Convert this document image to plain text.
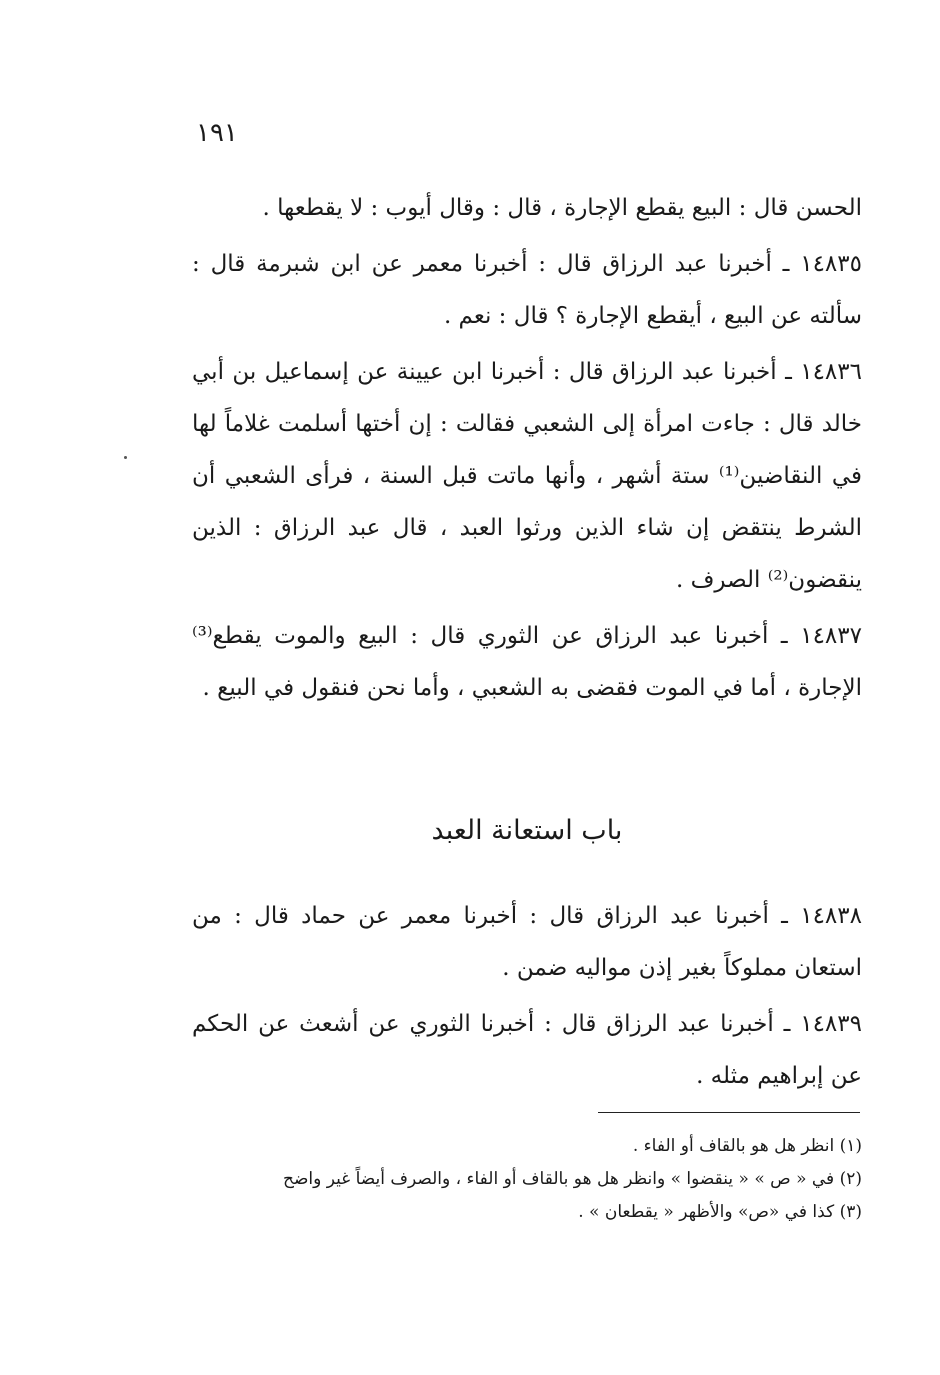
١٩١

الحسن قال : البيع يقطع الإجارة ، قال : وقال أيوب : لا يقطعها .

١٤٨٣٥ ـ أخبرنا عبد الرزاق قال : أخبرنا معمر عن ابن شبرمة قال : سألته عن البيع ، أيقطع الإجارة ؟ قال : نعم .

١٤٨٣٦ ـ أخبرنا عبد الرزاق قال : أخبرنا ابن عيينة عن إسماعيل بن أبي خالد قال : جاءت امرأة إلى الشعبي فقالت : إن أختها أسلمت غلاماً لها في النقاضين⁽¹⁾ ستة أشهر ، وأنها ماتت قبل السنة ، فرأى الشعبي أن الشرط ينتقض إن شاء الذين ورثوا العبد ، قال عبد الرزاق : الذين ينقضون⁽²⁾ الصرف .

١٤٨٣٧ ـ أخبرنا عبد الرزاق عن الثوري قال : البيع والموت يقطع⁽³⁾ الإجارة ، أما في الموت فقضى به الشعبي ، وأما نحن فنقول في البيع .

باب استعانة العبد

١٤٨٣٨ ـ أخبرنا عبد الرزاق قال : أخبرنا معمر عن حماد قال : من استعان مملوكاً بغير إذن مواليه ضمن .

١٤٨٣٩ ـ أخبرنا عبد الرزاق قال : أخبرنا الثوري عن أشعث عن الحكم عن إبراهيم مثله .

(١) انظر هل هو بالقاف أو الفاء .

(٢) في « ص » « ينقضوا » وانظر هل هو بالقاف أو الفاء ، والصرف أيضاً غير واضح

(٣) كذا في «ص» والأظهر « يقطعان » .
